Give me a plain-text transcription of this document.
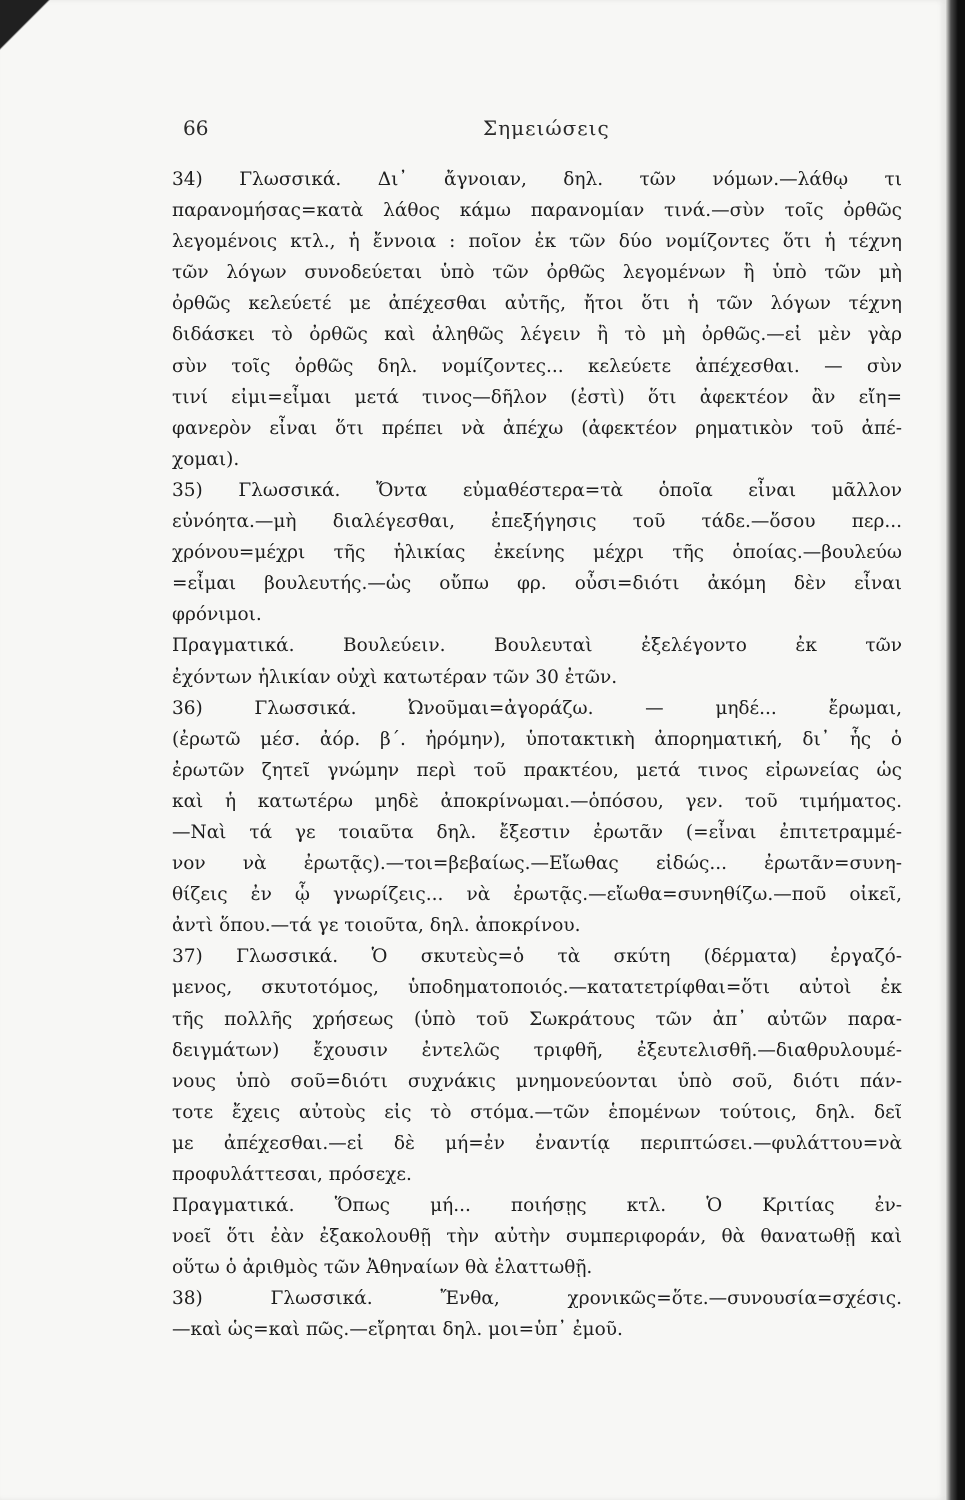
66	Σημειώσεις

34) Γλωσσικά. Δι᾽ ἄγνοιαν, δηλ. τῶν νόμων.—λάθῳ τι
παρανομήσας=κατὰ λάθος κάμω παρανομίαν τινά.—σὺν τοῖς ὀρθῶς
λεγομένοις κτλ., ἡ ἔννοια : ποῖον ἐκ τῶν δύο νομίζοντες ὅτι ἡ τέχνη
τῶν λόγων συνοδεύεται ὑπὸ τῶν ὀρθῶς λεγομένων ἢ ὑπὸ τῶν μὴ
ὀρθῶς κελεύετέ με ἀπέχεσθαι αὐτῆς, ἤτοι ὅτι ἡ τῶν λόγων τέχνη
διδάσκει τὸ ὀρθῶς καὶ ἀληθῶς λέγειν ἢ τὸ μὴ ὀρθῶς.—εἰ μὲν γὰρ
σὺν τοῖς ὀρθῶς δηλ. νομίζοντες... κελεύετε ἀπέχεσθαι. — σὺν
τινί εἰμι=εἶμαι μετά τινος—δῆλον (ἐστὶ) ὅτι ἀφεκτέον ἂν εἴη=
φανερὸν εἶναι ὅτι πρέπει νὰ ἀπέχω (ἀφεκτέον ρηματικὸν τοῦ ἀπέ-
χομαι).

35) Γλωσσικά. Ὄντα εὐμαθέστερα=τὰ ὁποῖα εἶναι μᾶλλον
εὐνόητα.—μὴ διαλέγεσθαι, ἐπεξήγησις τοῦ τάδε.—ὅσου περ...
χρόνου=μέχρι τῆς ἡλικίας ἐκείνης μέχρι τῆς ὁποίας.—βουλεύω
=εἶμαι βουλευτής.—ὡς οὔπω φρ. οὖσι=διότι ἀκόμη δὲν εἶναι
φρόνιμοι.

Πραγματικά. Βουλεύειν. Βουλευταὶ ἐξελέγοντο ἐκ τῶν
ἐχόντων ἡλικίαν οὐχὶ κατωτέραν τῶν 30 ἐτῶν.

36) Γλωσσικά. Ὠνοῦμαι=ἀγοράζω. — μηδέ... ἔρωμαι,
(ἐρωτῶ μέσ. ἀόρ. β΄. ἠρόμην), ὑποτακτικὴ ἀπορηματική, δι᾽ ἧς ὁ
ἐρωτῶν ζητεῖ γνώμην περὶ τοῦ πρακτέου, μετά τινος εἰρωνείας ὡς
καὶ ἡ κατωτέρω μηδὲ ἀποκρίνωμαι.—ὁπόσου, γεν. τοῦ τιμήματος.
—Ναὶ τά γε τοιαῦτα δηλ. ἔξεστιν ἐρωτᾶν (=εἶναι ἐπιτετραμμέ-
νον νὰ ἐρωτᾷς).—τοι=βεβαίως.—Εἴωθας εἰδώς... ἐρωτᾶν=συνη-
θίζεις ἐν ᾧ γνωρίζεις... νὰ ἐρωτᾷς.—εἴωθα=συνηθίζω.—ποῦ οἰκεῖ,
ἀντὶ ὅπου.—τά γε τοιοῦτα, δηλ. ἀποκρίνου.

37) Γλωσσικά. Ὁ σκυτεὺς=ὁ τὰ σκύτη (δέρματα) ἐργαζό-
μενος, σκυτοτόμος, ὑποδηματοποιός.—κατατετρίφθαι=ὅτι αὐτοὶ ἐκ
τῆς πολλῆς χρήσεως (ὑπὸ τοῦ Σωκράτους τῶν ἀπ᾽ αὐτῶν παρα-
δειγμάτων) ἔχουσιν ἐντελῶς τριφθῆ, ἐξευτελισθῆ.—διαθρυλουμέ-
νους ὑπὸ σοῦ=διότι συχνάκις μνημονεύονται ὑπὸ σοῦ, διότι πάν-
τοτε ἔχεις αὐτοὺς εἰς τὸ στόμα.—τῶν ἑπομένων τούτοις, δηλ. δεῖ
με ἀπέχεσθαι.—εἰ δὲ μή=ἐν ἐναντίᾳ περιπτώσει.—φυλάττου=νὰ
προφυλάττεσαι, πρόσεχε.

Πραγματικά. Ὅπως μή... ποιήσῃς κτλ. Ὁ Κριτίας ἐν-
νοεῖ ὅτι ἐὰν ἐξακολουθῇ τὴν αὐτὴν συμπεριφοράν, θὰ θανατωθῇ καὶ
οὕτω ὁ ἀριθμὸς τῶν Ἀθηναίων θὰ ἐλαττωθῇ.

38) Γλωσσικά. Ἔνθα, χρονικῶς=ὅτε.—συνουσία=σχέσις.
—καὶ ὡς=καὶ πῶς.—εἴρηται δηλ. μοι=ὑπ᾽ ἐμοῦ.
